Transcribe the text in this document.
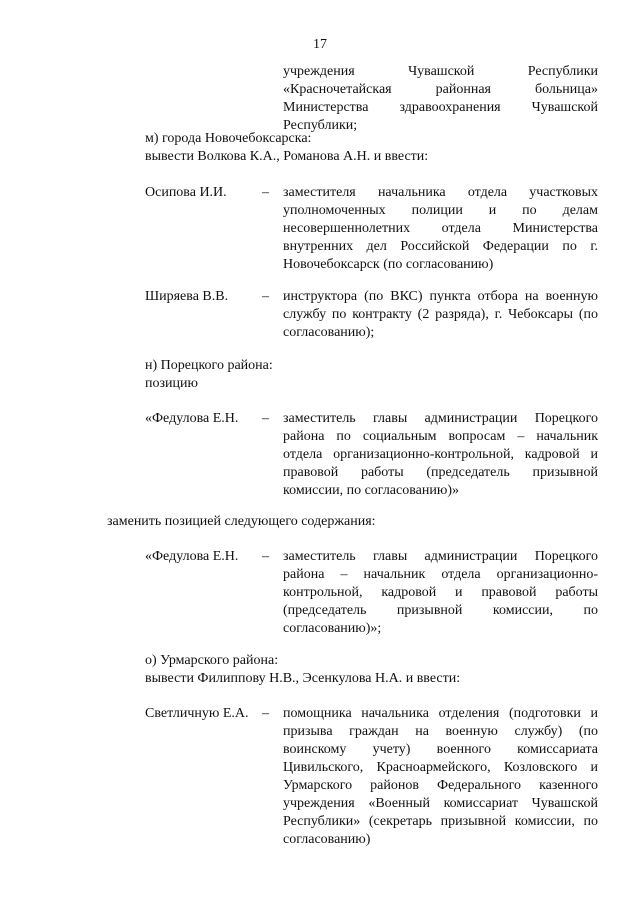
17
учреждения Чувашской Республики «Красночетайская районная больница» Министерства здравоохранения Чувашской Республики;
м) города Новочебоксарска:
вывести Волкова К.А., Романова А.Н. и ввести:
Осипова И.И.	– заместителя начальника отдела участковых уполномоченных полиции и по делам несовершеннолетних отдела Министерства внутренних дел Российской Федерации по г. Новочебоксарск (по согласованию)
Ширяева В.В. – инструктора (по ВКС) пункта отбора на военную службу по контракту (2 разряда), г. Чебоксары (по согласованию);
н) Порецкого района:
позицию
«Федулова Е.Н. – заместитель главы администрации Порецкого района по социальным вопросам – начальник отдела организационно-контрольной, кадровой и правовой работы (председатель призывной комиссии, по согласованию)»
заменить позицией следующего содержания:
«Федулова Е.Н. – заместитель главы администрации Порецкого района – начальник отдела организационно-контрольной, кадровой и правовой работы (председатель призывной комиссии, по согласованию)»;
о) Урмарского района:
вывести Филиппову Н.В., Эсенкулова Н.А. и ввести:
Светличную Е.А. – помощника начальника отделения (подготовки и призыва граждан на военную службу) (по воинскому учету) военного комиссариата Цивильского, Красноармейского, Козловского и Урмарского районов Федерального казенного учреждения «Военный комиссариат Чувашской Республики» (секретарь призывной комиссии, по согласованию)
